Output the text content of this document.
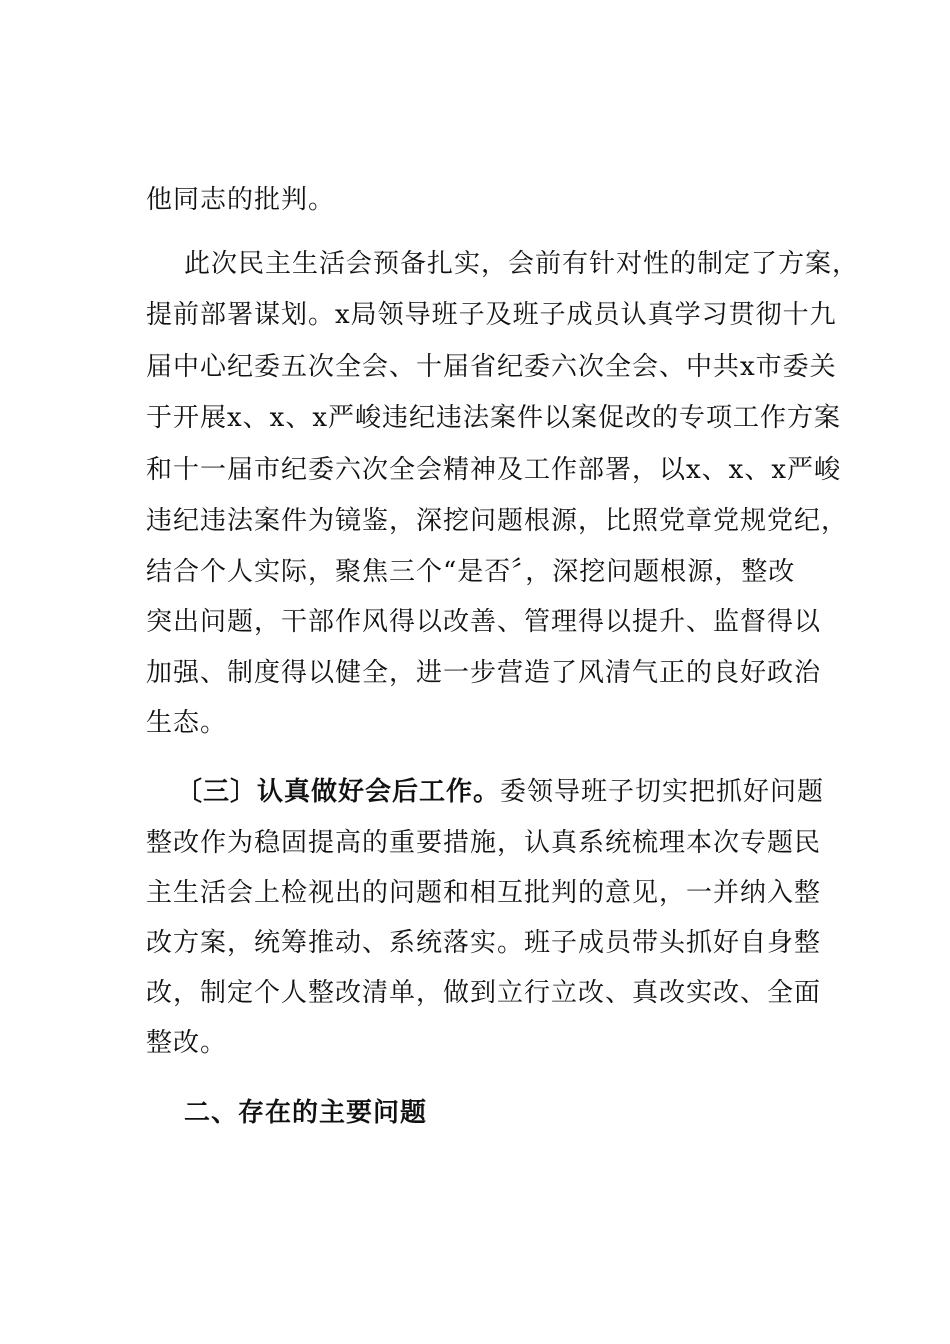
他同志的批判。

此次民主生活会预备扎实，会前有针对性的制定了方案，

提前部署谋划。x局领导班子及班子成员认真学习贯彻十九

届中心纪委五次全会、十届省纪委六次全会、中共x市委关

于开展x、x、x严峻违纪违法案件以案促改的专项工作方案

和十一届市纪委六次全会精神及工作部署，以x、x、x严峻

违纪违法案件为镜鉴，深挖问题根源，比照党章党规党纪，

结合个人实际，聚焦三个“是否〞，深挖问题根源，整改

突出问题，干部作风得以改善、管理得以提升、监督得以

加强、制度得以健全，进一步营造了风清气正的良好政治

生态。

〔三〕认真做好会后工作。委领导班子切实把抓好问题

整改作为稳固提高的重要措施，认真系统梳理本次专题民

主生活会上检视出的问题和相互批判的意见，一并纳入整

改方案，统筹推动、系统落实。班子成员带头抓好自身整

改，制定个人整改清单，做到立行立改、真改实改、全面

整改。

二、存在的主要问题
